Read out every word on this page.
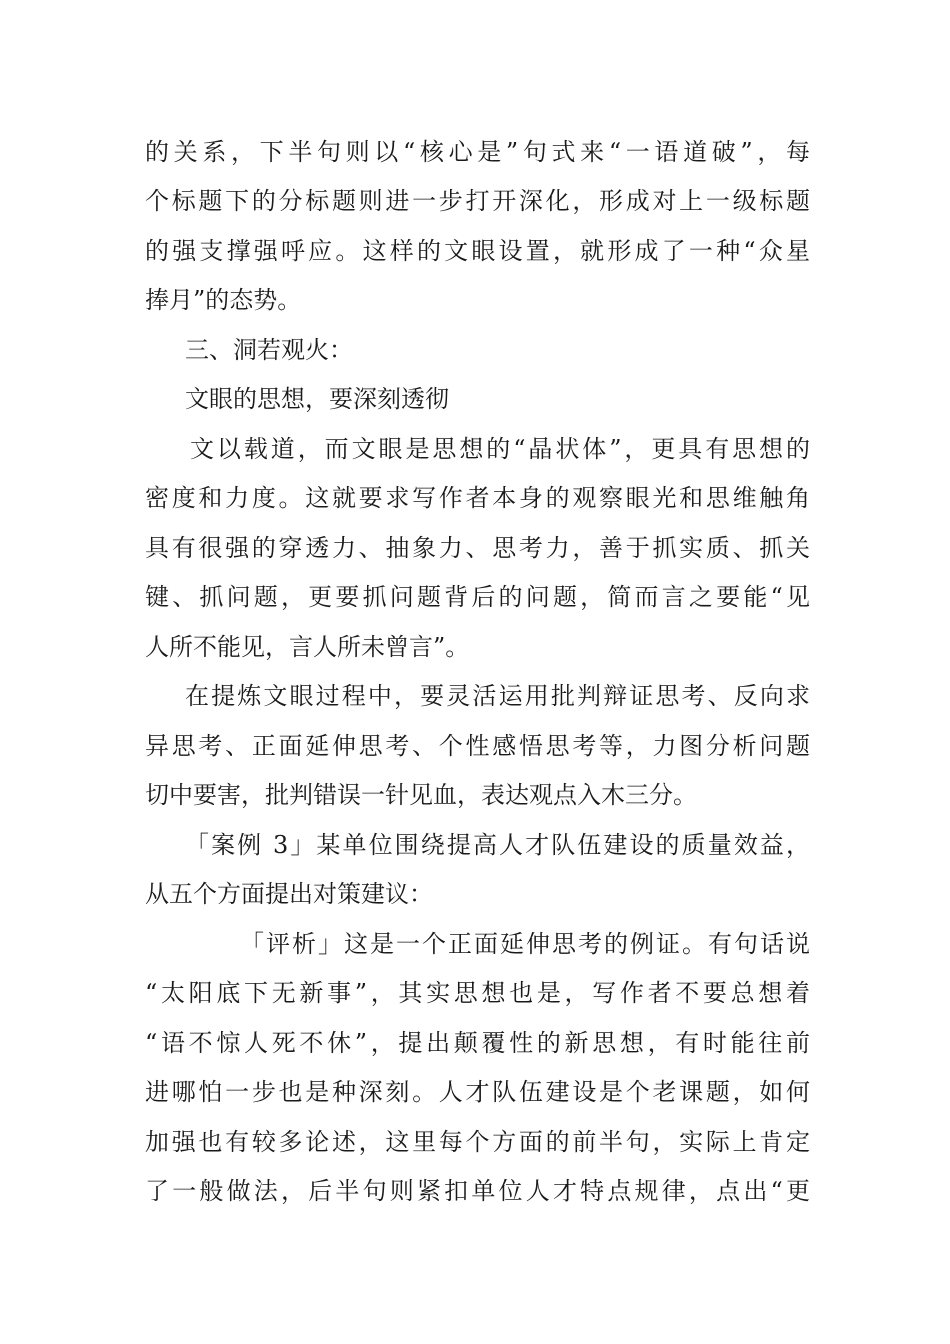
的关系，下半句则以“核心是”句式来“一语道破”，每
个标题下的分标题则进一步打开深化，形成对上一级标题
的强支撑强呼应。这样的文眼设置，就形成了一种“众星
捧月”的态势。
三、洞若观火：
文眼的思想，要深刻透彻
文以载道，而文眼是思想的“晶状体”，更具有思想的
密度和力度。这就要求写作者本身的观察眼光和思维触角
具有很强的穿透力、抽象力、思考力，善于抓实质、抓关
键、抓问题，更要抓问题背后的问题，简而言之要能“见
人所不能见，言人所未曾言”。
在提炼文眼过程中，要灵活运用批判辩证思考、反向求
异思考、正面延伸思考、个性感悟思考等，力图分析问题
切中要害，批判错误一针见血，表达观点入木三分。
「案例 3」某单位围绕提高人才队伍建设的质量效益，
从五个方面提出对策建议：
「评析」这是一个正面延伸思考的例证。有句话说
“太阳底下无新事”，其实思想也是，写作者不要总想着
“语不惊人死不休”，提出颠覆性的新思想，有时能往前
进哪怕一步也是种深刻。人才队伍建设是个老课题，如何
加强也有较多论述，这里每个方面的前半句，实际上肯定
了一般做法，后半句则紧扣单位人才特点规律，点出“更
